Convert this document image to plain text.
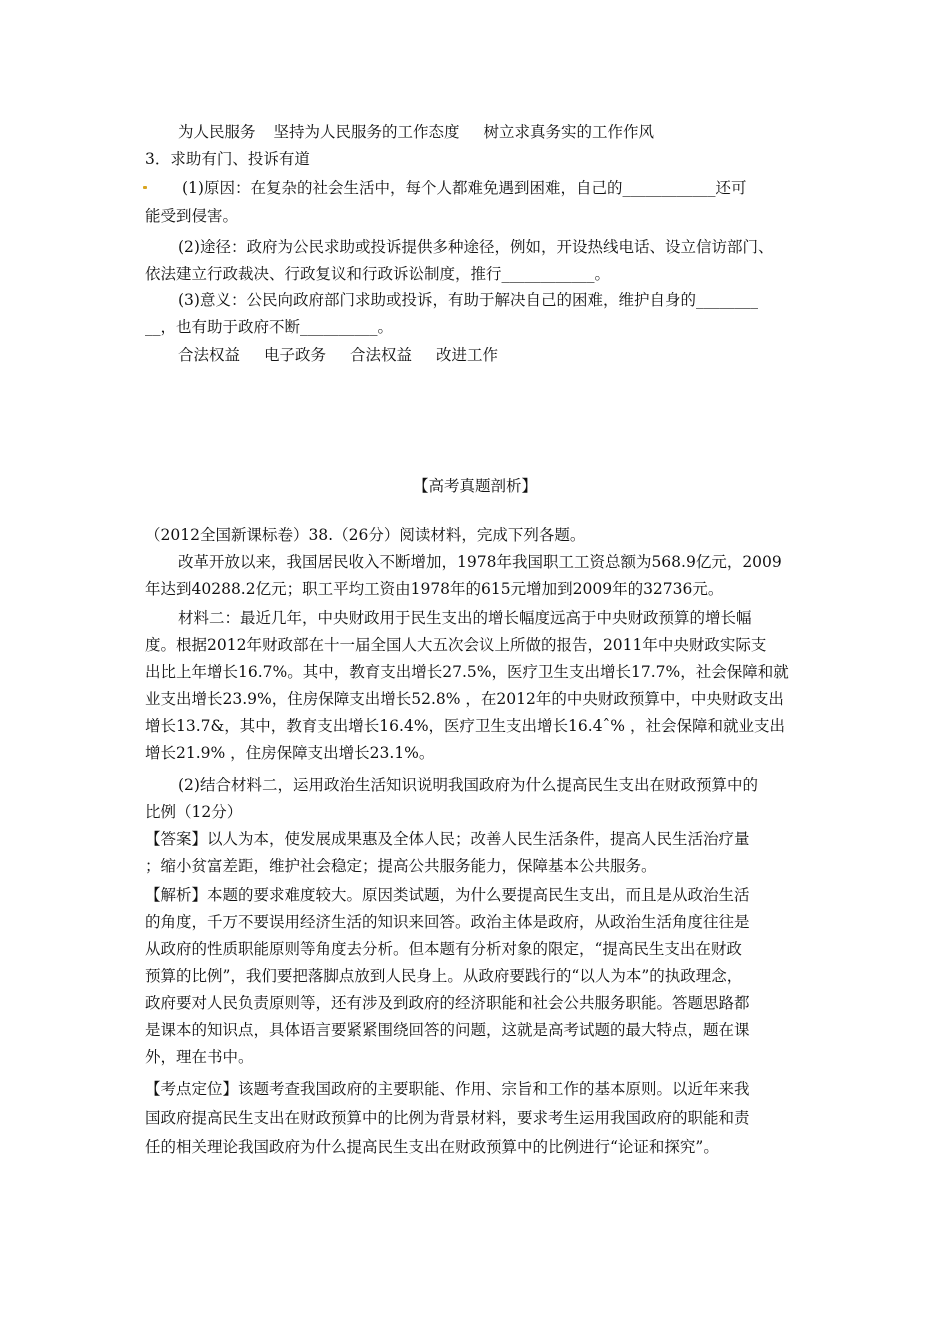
为人民服务 坚持为人民服务的工作态度 树立求真务实的工作作风
3．求助有门、投诉有道
(1)原因：在复杂的社会生活中，每个人都难免遇到困难，自己的____________还可
能受到侵害。
(2)途径：政府为公民求助或投诉提供多种途径，例如，开设热线电话、设立信访部门、
依法建立行政裁决、行政复议和行政诉讼制度，推行____________。
(3)意义：公民向政府部门求助或投诉，有助于解决自己的困难，维护自身的________
__，也有助于政府不断__________。
合法权益 电子政务 合法权益 改进工作
【高考真题剖析】
（2012全国新课标卷）38.（26分）阅读材料，完成下列各题。
改革开放以来，我国居民收入不断增加，1978年我国职工工资总额为568.9亿元，2009
年达到40288.2亿元；职工平均工资由1978年的615元增加到2009年的32736元。
材料二：最近几年，中央财政用于民生支出的增长幅度远高于中央财政预算的增长幅
度。根据2012年财政部在十一届全国人大五次会议上所做的报告，2011年中央财政实际支
出比上年增长16.7%。其中，教育支出增长27.5%，医疗卫生支出增长17.7%，社会保障和就
业支出增长23.9%，住房保障支出增长52.8% ，在2012年的中央财政预算中，中央财政支出
增长13.7&，其中，教育支出增长16.4%，医疗卫生支出增长16.4ˆ% ，社会保障和就业支出
增长21.9% ，住房保障支出增长23.1%。
(2)结合材料二，运用政治生活知识说明我国政府为什么提高民生支出在财政预算中的
比例（12分）
【答案】以人为本，使发展成果惠及全体人民；改善人民生活条件，提高人民生活治疗量
；缩小贫富差距，维护社会稳定；提高公共服务能力，保障基本公共服务。
【解析】本题的要求难度较大。原因类试题，为什么要提高民生支出，而且是从政治生活
的角度，千万不要误用经济生活的知识来回答。政治主体是政府，从政治生活角度往往是
从政府的性质职能原则等角度去分析。但本题有分析对象的限定，“提高民生支出在财政
预算的比例”，我们要把落脚点放到人民身上。从政府要践行的“以人为本”的执政理念，
政府要对人民负责原则等，还有涉及到政府的经济职能和社会公共服务职能。答题思路都
是课本的知识点，具体语言要紧紧围绕回答的问题，这就是高考试题的最大特点，题在课
外，理在书中。
【考点定位】该题考查我国政府的主要职能、作用、宗旨和工作的基本原则。以近年来我
国政府提高民生支出在财政预算中的比例为背景材料，要求考生运用我国政府的职能和责
任的相关理论我国政府为什么提高民生支出在财政预算中的比例进行“论证和探究”。
